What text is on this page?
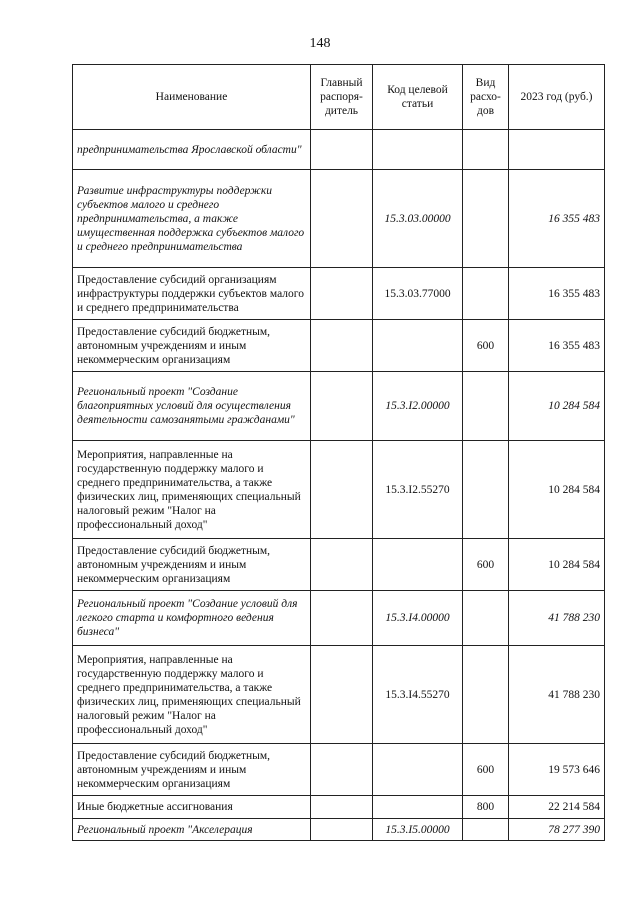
148
Наименование	Главный распоря-дитель	Код целевой статьи	Вид расхо-дов	2023 год (руб.)
предпринимательства Ярославской области"				
Развитие инфраструктуры поддержки субъектов малого и среднего предпринимательства, а также имущественная поддержка субъектов малого и среднего предпринимательства		15.3.03.00000		16 355 483
Предоставление субсидий организациям инфраструктуры поддержки субъектов малого и среднего предпринимательства		15.3.03.77000		16 355 483
Предоставление субсидий бюджетным, автономным учреждениям и иным некоммерческим организациям			600	16 355 483
Региональный проект "Создание благоприятных условий для осуществления деятельности самозанятыми гражданами"		15.3.I2.00000		10 284 584
Мероприятия, направленные на государственную поддержку малого и среднего предпринимательства, а также физических лиц, применяющих специальный налоговый режим "Налог на профессиональный доход"		15.3.I2.55270		10 284 584
Предоставление субсидий бюджетным, автономным учреждениям и иным некоммерческим организациям			600	10 284 584
Региональный проект "Создание условий для легкого старта и комфортного ведения бизнеса"		15.3.I4.00000		41 788 230
Мероприятия, направленные на государственную поддержку малого и среднего предпринимательства, а также физических лиц, применяющих специальный налоговый режим "Налог на профессиональный доход"		15.3.I4.55270		41 788 230
Предоставление субсидий бюджетным, автономным учреждениям и иным некоммерческим организациям			600	19 573 646
Иные бюджетные ассигнования			800	22 214 584
Региональный проект "Акселерация		15.3.I5.00000		78 277 390
